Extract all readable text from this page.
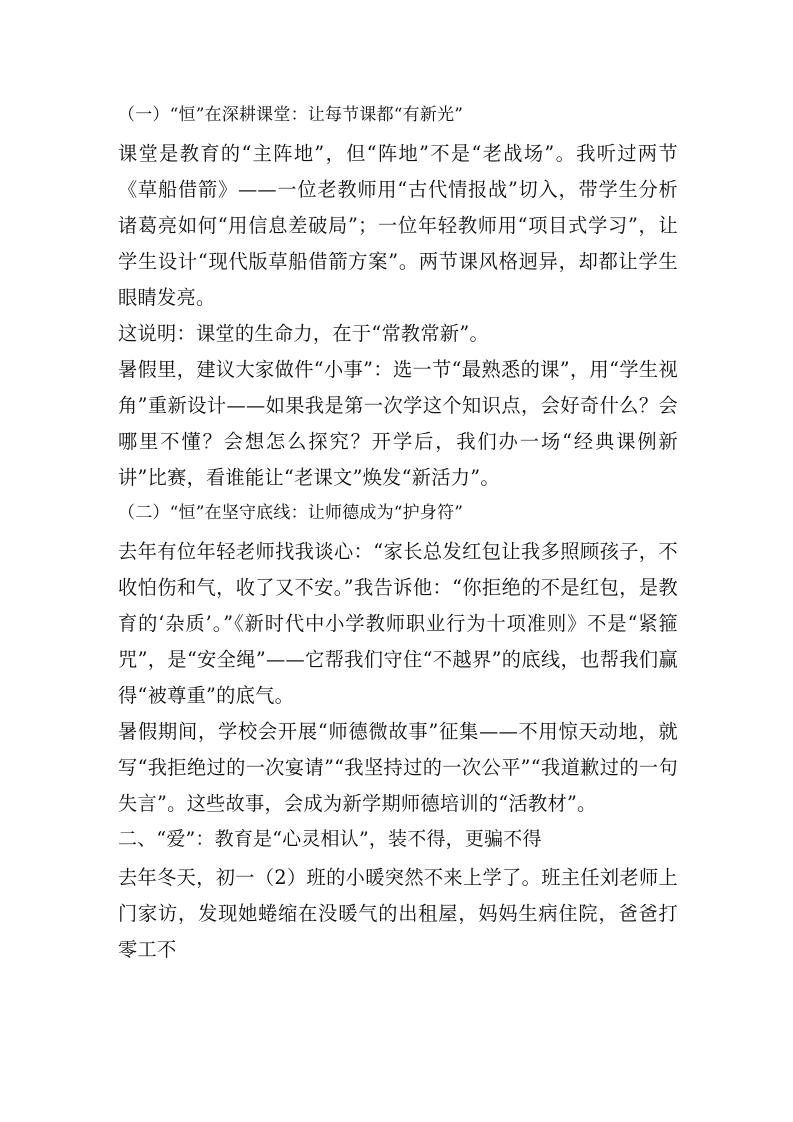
（一）“恒”在深耕课堂：让每节课都“有新光”

课堂是教育的“主阵地”，但“阵地”不是“老战场”。我听过两节《草船借箭》——一位老教师用“古代情报战”切入，带学生分析诸葛亮如何“用信息差破局”；一位年轻教师用“项目式学习”，让学生设计“现代版草船借箭方案”。两节课风格迥异，却都让学生眼睛发亮。

这说明：课堂的生命力，在于“常教常新”。

暑假里，建议大家做件“小事”：选一节“最熟悉的课”，用“学生视角”重新设计——如果我是第一次学这个知识点，会好奇什么？会哪里不懂？会想怎么探究？开学后，我们办一场“经典课例新讲”比赛，看谁能让“老课文”焕发“新活力”。

（二）“恒”在坚守底线：让师德成为“护身符”

去年有位年轻老师找我谈心：“家长总发红包让我多照顾孩子，不收怕伤和气，收了又不安。”我告诉他：“你拒绝的不是红包，是教育的‘杂质’。”《新时代中小学教师职业行为十项准则》不是“紧箍咒”，是“安全绳”——它帮我们守住“不越界”的底线，也帮我们赢得“被尊重”的底气。

暑假期间，学校会开展“师德微故事”征集——不用惊天动地，就写“我拒绝过的一次宴请”“我坚持过的一次公平”“我道歉过的一句失言”。这些故事，会成为新学期师德培训的“活教材”。

二、“爱”：教育是“心灵相认”，装不得，更骗不得

去年冬天，初一（2）班的小暖突然不来上学了。班主任刘老师上门家访，发现她蜷缩在没暖气的出租屋，妈妈生病住院，爸爸打零工不
